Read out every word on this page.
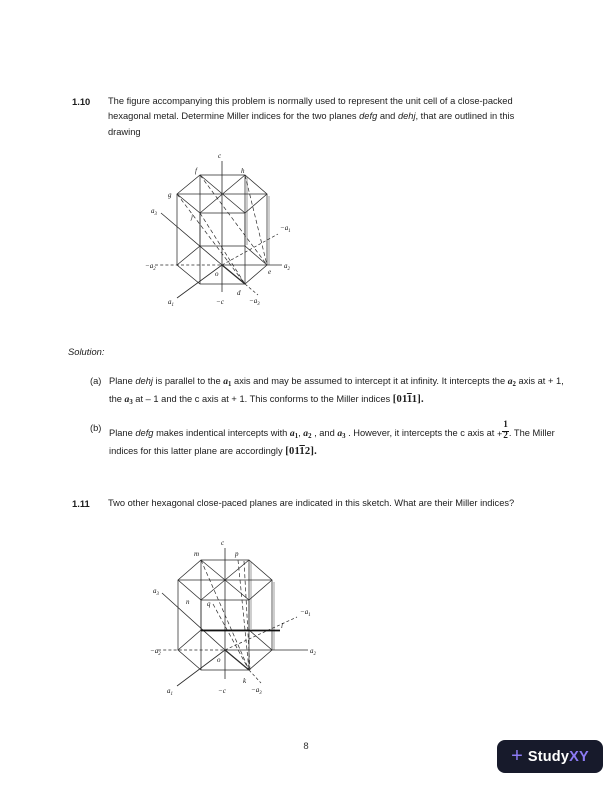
1.10 The figure accompanying this problem is normally used to represent the unit cell of a close-packed hexagonal metal. Determine Miller indices for the two planes defg and dehj, that are outlined in this drawing
c
f	h
g
j
$a_3$
$-a_1$
$-a_2$	$a_2$
o	e
d
$a_1$	−c	$-a_3$
Solution:
(a) Plane dehj is parallel to the $a_1$ axis and may be assumed to intercept it at infinity. It intercepts the $a_2$ axis at + 1, the $a_3$ at – 1 and the c axis at + 1. This conforms to the Miller indices [0111].
(b) Plane defg makes indentical intercepts with $a_1$, $a_2$ , and $a_3$ . However, it intercepts the c axis at + $\frac{1}{2}$ . The Miller indices for this latter plane are accordingly [0112].
1.11 Two other hexagonal close-paced planes are indicated in this sketch. What are their Miller indices?
c
m	p
n	q
$a_3$
$-a_1$
$-a_2$	$a_2$
o
l
k
$a_1$	−c	$-a_3$
8	+ StudyXY
